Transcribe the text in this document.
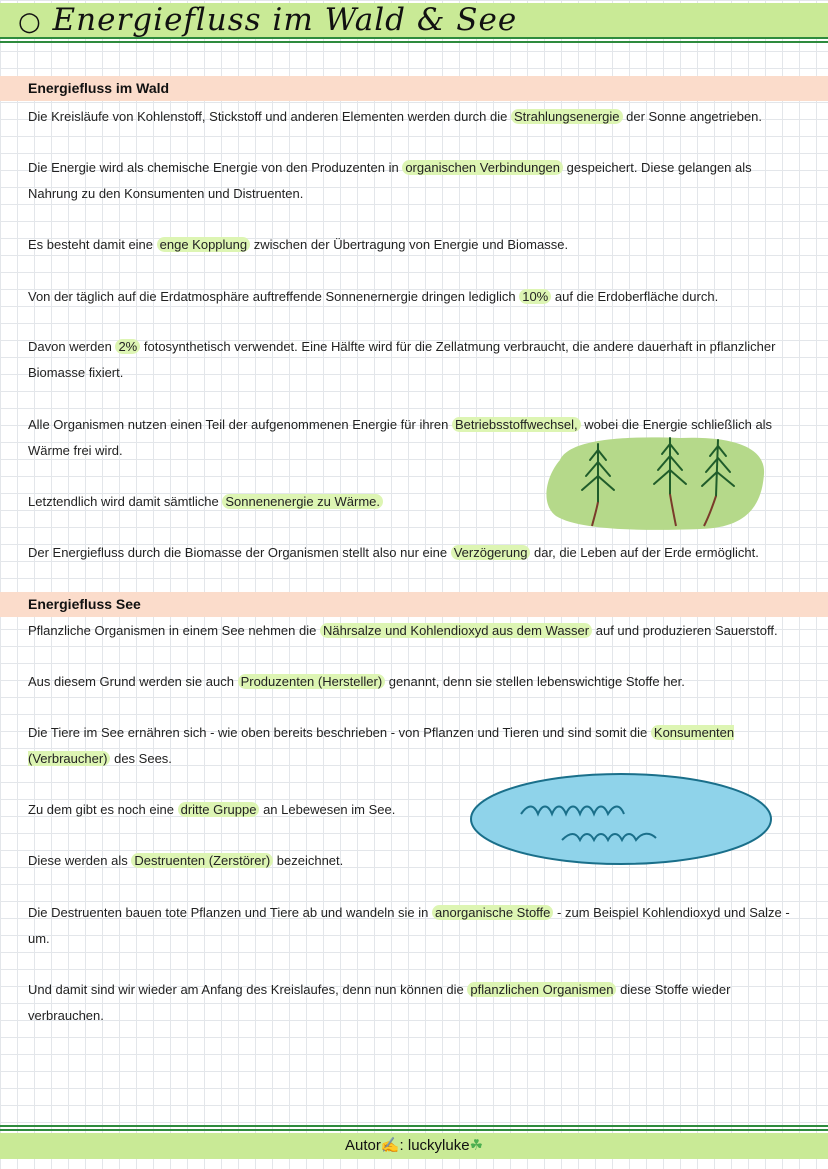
○ Energiefluss im Wald & See
Energiefluss im Wald

Die Kreisläufe von Kohlenstoff, Stickstoff und anderen Elementen werden durch die Strahlungsenergie der Sonne angetrieben.

Die Energie wird als chemische Energie von den Produzenten in organischen Verbindungen gespeichert. Diese gelangen als Nahrung zu den Konsumenten und Distruenten.

Es besteht damit eine enge Kopplung zwischen der Übertragung von Energie und Biomasse.

Von der täglich auf die Erdatmosphäre auftreffende Sonnenernergie dringen lediglich 10% auf die Erdoberfläche durch.

Davon werden 2% fotosynthetisch verwendet. Eine Hälfte wird für die Zellatmung verbraucht, die andere dauerhaft in pflanzlicher Biomasse fixiert.

Alle Organismen nutzen einen Teil der aufgenommenen Energie für ihren Betriebsstoffwechsel, wobei die Energie schließlich als Wärme frei wird.

Letztendlich wird damit sämtliche Sonnenenergie zu Wärme.

Der Energiefluss durch die Biomasse der Organismen stellt also nur eine Verzögerung dar, die Leben auf der Erde ermöglicht.

Energiefluss See

Pflanzliche Organismen in einem See nehmen die Nährsalze und Kohlendioxyd aus dem Wasser auf und produzieren Sauerstoff.

Aus diesem Grund werden sie auch Produzenten (Hersteller) genannt, denn sie stellen lebenswichtige Stoffe her.

Die Tiere im See ernähren sich - wie oben bereits beschrieben - von Pflanzen und Tieren und sind somit die Konsumenten (Verbraucher) des Sees.

Zu dem gibt es noch eine dritte Gruppe an Lebewesen im See.

Diese werden als Destruenten (Zerstörer) bezeichnet.

Die Destruenten bauen tote Pflanzen und Tiere ab und wandeln sie in anorganische Stoffe - zum Beispiel Kohlendioxyd und Salze - um.

Und damit sind wir wieder am Anfang des Kreislaufes, denn nun können die pflanzlichen Organismen diese Stoffe wieder verbrauchen.

Autor✍: luckyluke☘
